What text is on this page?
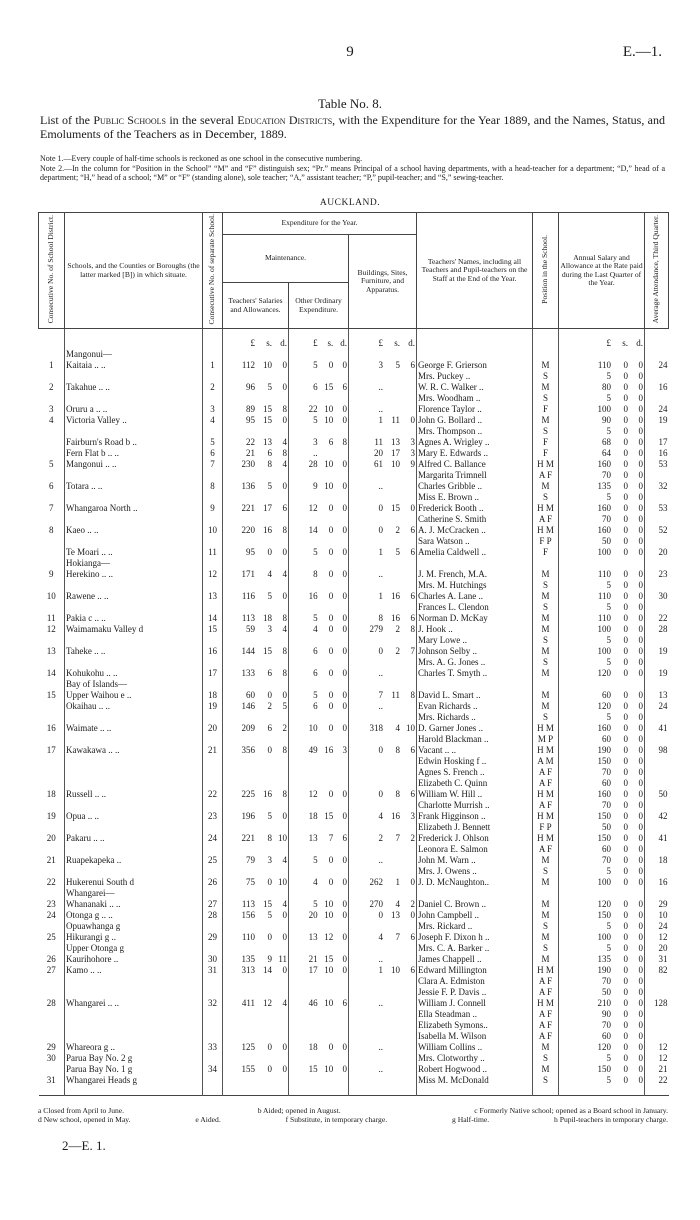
9	E.—1.
Table No. 8.
List of the Public Schools in the several Education Districts, with the Expenditure for the Year 1889, and the Names, Status, and Emoluments of the Teachers as in December, 1889.
Note 1.—Every couple of half-time schools is reckoned as one school in the consecutive numbering.
Note 2.—In the column for “Position in the School” “M” and “F” distinguish sex; “Pr.” means Principal of a school having departments, with a head-teacher for a department; “D,” head of a department; “H,” head of a school; “M” or “F” (standing alone), sole teacher; “A,” assistant teacher; “P,” pupil-teacher; and “S,” sewing-teacher.
AUCKLAND.
Consecutive No. of School District.	Schools, and the Counties or Boroughs (the latter marked [B]) in which situate.	Consecutive No. of separate School.	Expenditure for the Year.			Teachers' Names, including all Teachers and Pupil-teachers on the Staff at the End of the Year.	Position in the School.	Annual Salary and Allowance at the Rate paid during the Last Quarter of the Year.	Average Attendance, Third Quarter.
			Maintenance.		Buildings, Sites, Furniture, and Apparatus.				
			Teachers' Salaries and Allowances.	Other Ordinary Expenditure.					

			£ s. d.	£ s. d.	£ s. d.			£ s. d.	

	Mangonui—		

1	Kaitaia .. ..	1	112 10 0	5 0 0	3 5 6	George F. Grierson	M	110 0 0	24

	Mrs. Puckey ..	S	5 0 0	

2	Takahue .. ..	2	96 5 0	6 15 6	..	W. R. C. Walker ..	M	80 0 0	16

	Mrs. Woodham ..	S	5 0 0	

3	Oruru a .. ..	3	89 15 8	22 10 0	..	Florence Taylor ..	F	100 0 0	24
4	Victoria Valley ..	4	95 15 0	5 10 0	1 11 0	John G. Bollard ..	M	90 0 0	19

	Mrs. Thompson ..	S	5 0 0	

	Fairburn's Road b ..	5	22 13 4	3 6 8	11 13 3	Agnes A. Wrigley ..	F	68 0 0	17
	Fern Flat b .. ..	6	21 6 8	..	20 17 3	Mary E. Edwards ..	F	64 0 0	16
5	Mangonui .. ..	7	230 8 4	28 10 0	61 10 9	Alfred C. Ballance	H M	160 0 0	53

	Margarita Trimnell	A F	70 0 0	

6	Totara .. ..	8	136 5 0	9 10 0	..	Charles Gribble ..	M	135 0 0	32

	Miss E. Brown ..	S	5 0 0	

7	Whangaroa North ..	9	221 17 6	12 0 0	0 15 0	Frederick Booth ..	H M	160 0 0	53

	Catherine S. Smith	A F	70 0 0	

8	Kaeo .. ..	10	220 16 8	14 0 0	0 2 6	A. J. McCracken ..	H M	160 0 0	52

	Sara Watson ..	F P	50 0 0	

	Te Moari .. ..	11	95 0 0	5 0 0	1 5 6	Amelia Caldwell ..	F	100 0 0	20
	Hokianga—		

9	Herekino .. ..	12	171 4 4	8 0 0	..	J. M. French, M.A.	M	110 0 0	23

	Mrs. M. Hutchings	S	5 0 0	

10	Rawene .. ..	13	116 5 0	16 0 0	1 16 6	Charles A. Lane ..	M	110 0 0	30

	Frances L. Clendon	S	5 0 0	

11	Pakia c .. ..	14	113 18 8	5 0 0	8 16 6	Norman D. McKay	M	110 0 0	22
12	Waimamaku Valley d	15	59 3 4	4 0 0	279 2 8	J. Hook ..	M	100 0 0	28

	Mary Lowe ..	S	5 0 0	

13	Taheke .. ..	16	144 15 8	6 0 0	0 2 7	Johnson Selby ..	M	100 0 0	19

	Mrs. A. G. Jones ..	S	5 0 0	

14	Kohukohu .. ..	17	133 6 8	6 0 0	..	Charles T. Smyth ..	M	120 0 0	19
	Bay of Islands—		

15	Upper Waihou e ..	18	60 0 0	5 0 0	7 11 8	David L. Smart ..	M	60 0 0	13
	Okaihau .. ..	19	146 2 5	6 0 0	..	Evan Richards ..	M	120 0 0	24

	Mrs. Richards ..	S	5 0 0	

16	Waimate .. ..	20	209 6 2	10 0 0	318 4 10	D. Garner Jones ..	H M	160 0 0	41

	Harold Blackman ..	M P	60 0 0	

17	Kawakawa .. ..	21	356 0 8	49 16 3	0 8 6	Vacant .. ..	H M	190 0 0	98

	Edwin Hosking f ..	A M	150 0 0	

	Agnes S. French ..	A F	70 0 0	

	Elizabeth C. Quinn	A F	60 0 0	

18	Russell .. ..	22	225 16 8	12 0 0	0 8 6	William W. Hill ..	H M	160 0 0	50

	Charlotte Murrish ..	A F	70 0 0	

19	Opua .. ..	23	196 5 0	18 15 0	4 16 3	Frank Higginson ..	H M	150 0 0	42

	Elizabeth J. Bennett	F P	50 0 0	

20	Pakaru .. ..	24	221 8 10	13 7 6	2 7 2	Frederick J. Ohlson	H M	150 0 0	41

	Leonora E. Salmon	A F	60 0 0	

21	Ruapekapeka ..	25	79 3 4	5 0 0	..	John M. Warn ..	M	70 0 0	18

	Mrs. J. Owens ..	S	5 0 0	

22	Hukerenui South d	26	75 0 10	4 0 0	262 1 0	J. D. McNaughton..	M	100 0 0	16
	Whangarei—		

23	Whananaki .. ..	27	113 15 4	5 10 0	270 4 2	Daniel C. Brown ..	M	120 0 0	29
24	Otonga g .. ..	28	156 5 0	20 10 0	0 13 0	John Campbell ..	M	150 0 0	10
	Opuawhanga g					Mrs. Rickard ..	S	5 0 0	24
25	Hikurangi g ..	29	110 0 0	13 12 0	4 7 6	Joseph F. Dixon h ..	M	100 0 0	12
	Upper Otonga g					Mrs. C. A. Barker ..	S	5 0 0	20
26	Kaurihohore ..	30	135 9 11	21 15 0	..	James Chappell ..	M	135 0 0	31
27	Kamo .. ..	31	313 14 0	17 10 0	1 10 6	Edward Millington	H M	190 0 0	82

	Clara A. Edmiston	A F	70 0 0	

	Jessie F. P. Davis ..	A F	50 0 0	

28	Whangarei .. ..	32	411 12 4	46 10 6	..	William J. Connell	H M	210 0 0	128

	Ella Steadman ..	A F	90 0 0	

	Elizabeth Symons..	A F	70 0 0	

	Isabella M. Wilson	A F	60 0 0	

29	Whareora g ..	33	125 0 0	18 0 0	..	William Collins ..	M	120 0 0	12
30	Parua Bay No. 2 g					Mrs. Clotworthy ..	S	5 0 0	12
	Parua Bay No. 1 g	34	155 0 0	15 10 0	..	Robert Hogwood ..	M	150 0 0	21
31	Whangarei Heads g					Miss M. McDonald	S	5 0 0	22

a Closed from April to June.	b Aided; opened in August.	c Formerly Native school; opened as a Board school in January.
d New school, opened in May.	e Aided.	f Substitute, in temporary charge.	g Half-time.	h Pupil-teachers in temporary charge.
2—E. 1.
